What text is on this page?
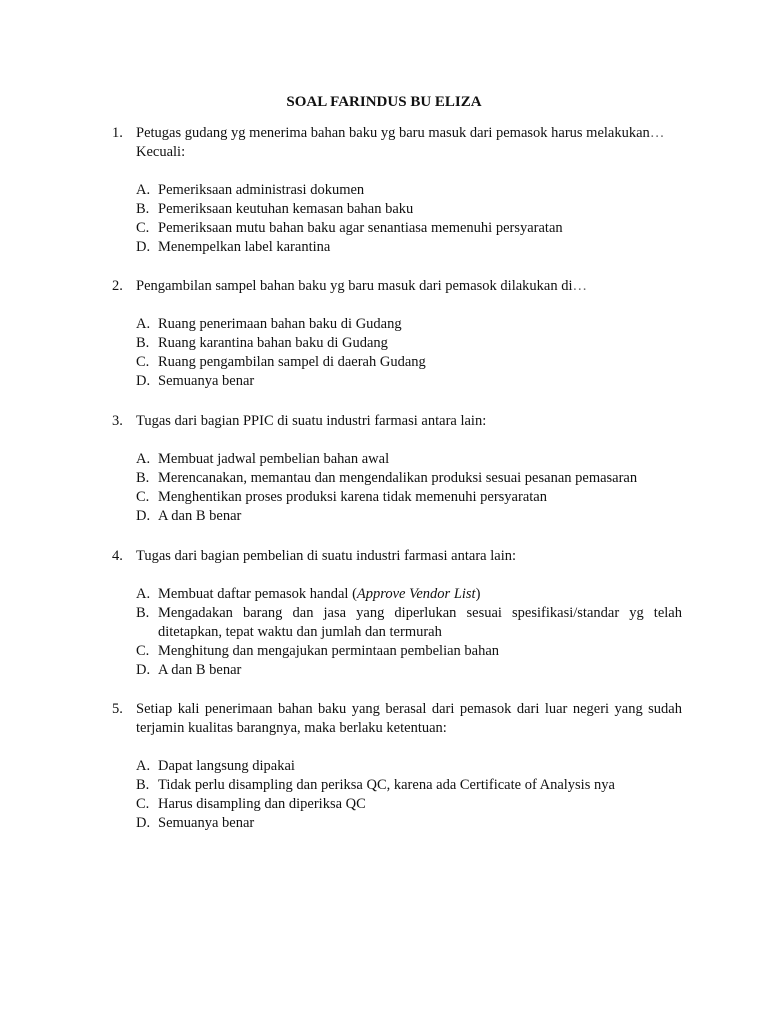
SOAL FARINDUS BU ELIZA
1. Petugas gudang yg menerima bahan baku yg baru masuk dari pemasok harus melakukan…
Kecuali:
A. Pemeriksaan administrasi dokumen
B. Pemeriksaan keutuhan kemasan bahan baku
C. Pemeriksaan mutu bahan baku agar senantiasa memenuhi persyaratan
D. Menempelkan label karantina
2. Pengambilan sampel bahan baku yg baru masuk dari pemasok dilakukan di…
A. Ruang penerimaan bahan baku di Gudang
B. Ruang karantina bahan baku di Gudang
C. Ruang pengambilan sampel di daerah Gudang
D. Semuanya benar
3. Tugas dari bagian PPIC di suatu industri farmasi antara lain:
A. Membuat jadwal pembelian bahan awal
B. Merencanakan, memantau dan mengendalikan produksi sesuai pesanan pemasaran
C. Menghentikan proses produksi karena tidak memenuhi persyaratan
D. A dan B benar
4. Tugas dari bagian pembelian di suatu industri farmasi antara lain:
A. Membuat daftar pemasok handal (Approve Vendor List)
B. Mengadakan barang dan jasa yang diperlukan sesuai spesifikasi/standar yg telah ditetapkan, tepat waktu dan jumlah dan termurah
C. Menghitung dan mengajukan permintaan pembelian bahan
D. A dan B benar
5. Setiap kali penerimaan bahan baku yang berasal dari pemasok dari luar negeri yang sudah terjamin kualitas barangnya, maka berlaku ketentuan:
A. Dapat langsung dipakai
B. Tidak perlu disampling dan periksa QC, karena ada Certificate of Analysis nya
C. Harus disampling dan diperiksa QC
D. Semuanya benar
